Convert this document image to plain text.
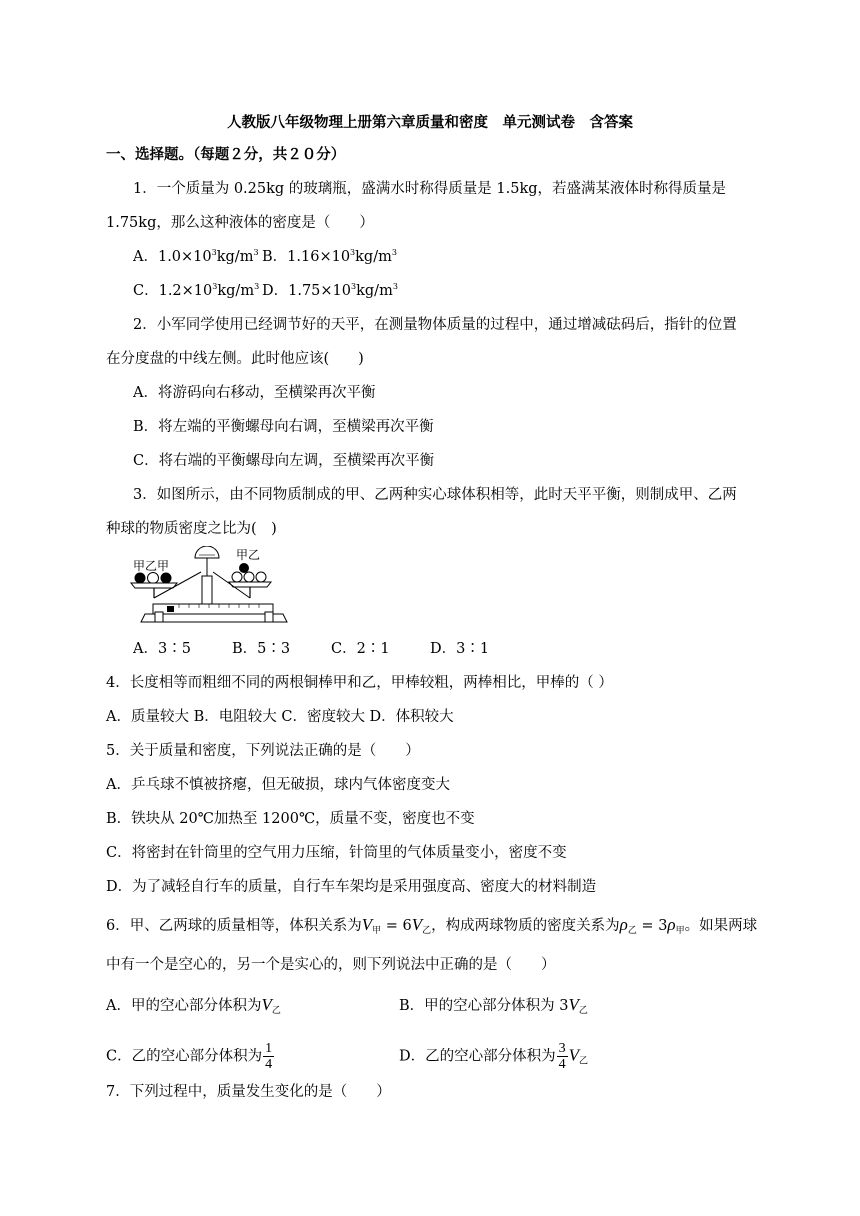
人教版八年级物理上册第六章质量和密度　单元测试卷　含答案
一、选择题。（每题２分，共２０分）
1．一个质量为 0.25kg 的玻璃瓶，盛满水时称得质量是 1.5kg，若盛满某液体时称得质量是
1.75kg，那么这种液体的密度是（　　）
A．$1.0\times 10^3kg/m^3$ B．$1.16\times 10^3kg/m^3$
C．$1.2\times 10^3kg/m^3$ D．$1.75\times 10^3kg/m^3$
2．小军同学使用已经调节好的天平，在测量物体质量的过程中，通过增减砝码后，指针的位置
在分度盘的中线左侧。此时他应该(　　)
A．将游码向右移动，至横梁再次平衡
B．将左端的平衡螺母向右调，至横梁再次平衡
C．将右端的平衡螺母向左调，至横梁再次平衡
3．如图所示，由不同物质制成的甲、乙两种实心球体积相等，此时天平平衡，则制成甲、乙两
种球的物质密度之比为(　)
甲乙甲
甲乙
A．3∶5	B．5∶3	C．2∶1	D．3∶1
4．长度相等而粗细不同的两根铜棒甲和乙，甲棒较粗，两棒相比，甲棒的（ ）
A．质量较大 B．电阻较大 C．密度较大 D．体积较大
5．关于质量和密度，下列说法正确的是（　　）
A．乒乓球不慎被挤瘪，但无破损，球内气体密度变大
B．铁块从 20℃加热至 1200℃，质量不变，密度也不变
C．将密封在针筒里的空气用力压缩，针筒里的气体质量变小，密度不变
D．为了减轻自行车的质量，自行车车架均是采用强度高、密度大的材料制造
6．甲、乙两球的质量相等，体积关系为$V_甲 = 6V_乙$，构成两球物质的密度关系为$\rho_乙 = 3\rho_甲$。如果两球
中有一个是空心的，另一个是实心的，则下列说法中正确的是（　　）
A．甲的空心部分体积为$V_乙$	B．甲的空心部分体积为 $3V_乙$
C．乙的空心部分体积为 $\frac{1}{4}$	D．乙的空心部分体积为 $\frac{3}{4} V_乙$
7．下列过程中，质量发生变化的是（　　）
